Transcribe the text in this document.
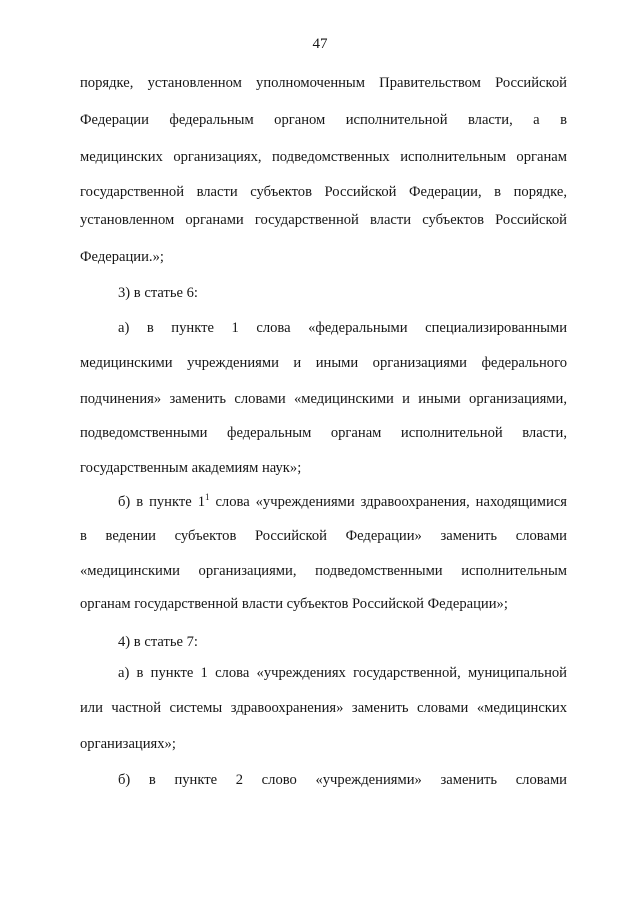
47

порядке, установленном уполномоченным Правительством Российской

Федерации федеральным органом исполнительной власти, а в

медицинских организациях, подведомственных исполнительным органам

государственной власти субъектов Российской Федерации, в порядке,

установленном органами государственной власти субъектов Российской

Федерации.»;

3) в статье 6:

а) в пункте 1 слова «федеральными специализированными

медицинскими учреждениями и иными организациями федерального

подчинения» заменить словами «медицинскими и иными организациями,

подведомственными федеральным органам исполнительной власти,

государственным академиям наук»;

б) в пункте $1^1$ слова «учреждениями здравоохранения, находящимися

в ведении субъектов Российской Федерации» заменить словами

«медицинскими организациями, подведомственными исполнительным

органам государственной власти субъектов Российской Федерации»;

4) в статье 7:

а) в пункте 1 слова «учреждениях государственной, муниципальной

или частной системы здравоохранения» заменить словами «медицинских

организациях»;

б) в пункте 2 слово «учреждениями» заменить словами
